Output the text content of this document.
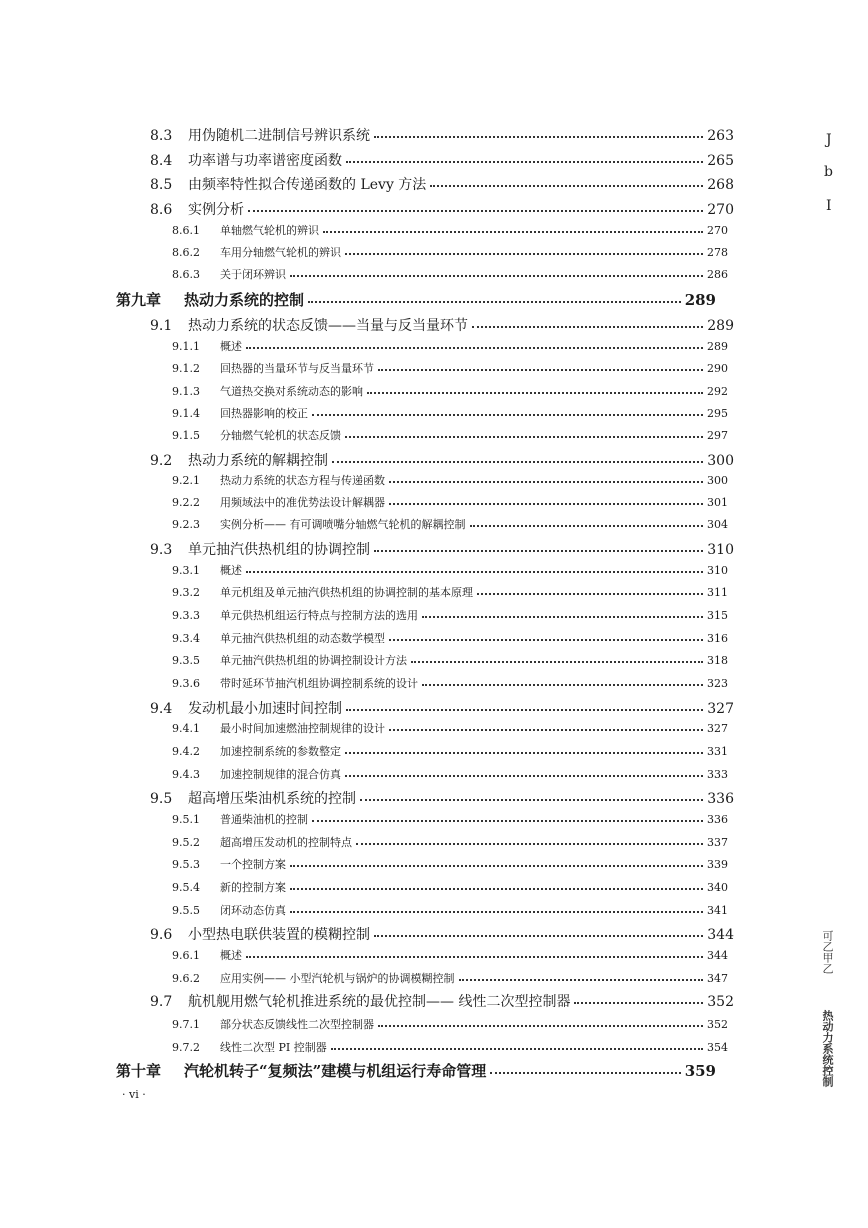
8.3	用伪随机二进制信号辨识系统	263
8.4	功率谱与功率谱密度函数	265
8.5	由频率特性拟合传递函数的 Levy 方法	268
8.6	实例分析	270
8.6.1	单轴燃气轮机的辨识	270
8.6.2	车用分轴燃气轮机的辨识	278
8.6.3	关于闭环辨识	286
第九章	热动力系统的控制	289
9.1	热动力系统的状态反馈——当量与反当量环节	289
9.1.1	概述	289
9.1.2	回热器的当量环节与反当量环节	290
9.1.3	气道热交换对系统动态的影响	292
9.1.4	回热器影响的校正	295
9.1.5	分轴燃气轮机的状态反馈	297
9.2	热动力系统的解耦控制	300
9.2.1	热动力系统的状态方程与传递函数	300
9.2.2	用频域法中的准优势法设计解耦器	301
9.2.3	实例分析—— 有可调喷嘴分轴燃气轮机的解耦控制	304
9.3	单元抽汽供热机组的协调控制	310
9.3.1	概述	310
9.3.2	单元机组及单元抽汽供热机组的协调控制的基本原理	311
9.3.3	单元供热机组运行特点与控制方法的选用	315
9.3.4	单元抽汽供热机组的动态数学模型	316
9.3.5	单元抽汽供热机组的协调控制设计方法	318
9.3.6	带时延环节抽汽机组协调控制系统的设计	323
9.4	发动机最小加速时间控制	327
9.4.1	最小时间加速燃油控制规律的设计	327
9.4.2	加速控制系统的参数整定	331
9.4.3	加速控制规律的混合仿真	333
9.5	超高增压柴油机系统的控制	336
9.5.1	普通柴油机的控制	336
9.5.2	超高增压发动机的控制特点	337
9.5.3	一个控制方案	339
9.5.4	新的控制方案	340
9.5.5	闭环动态仿真	341
9.6	小型热电联供装置的模糊控制	344
9.6.1	概述	344
9.6.2	应用实例—— 小型汽轮机与锅炉的协调模糊控制	347
9.7	航机舰用燃气轮机推进系统的最优控制—— 线性二次型控制器	352
9.7.1	部分状态反馈线性二次型控制器	352
9.7.2	线性二次型 PI 控制器	354
第十章	汽轮机转子“复频法”建模与机组运行寿命管理	359
J
b
I
可乙甲乙
热动力系统控制
· vi ·
